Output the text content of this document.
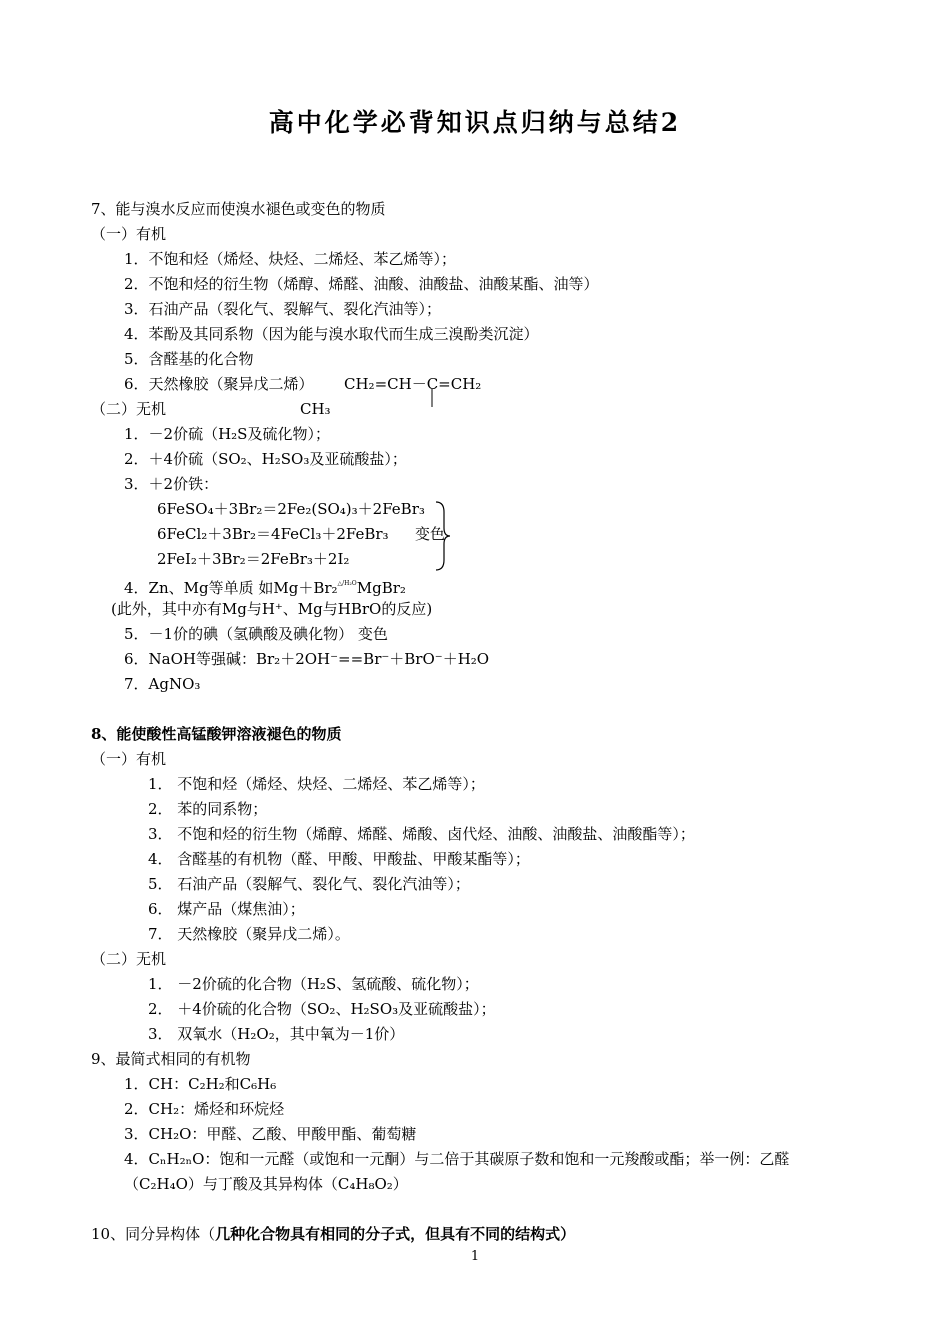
高中化学必背知识点归纳与总结2
7、能与溴水反应而使溴水褪色或变色的物质
（一）有机
1．不饱和烃（烯烃、炔烃、二烯烃、苯乙烯等）；
2．不饱和烃的衍生物（烯醇、烯醛、油酸、油酸盐、油酸某酯、油等）
3．石油产品（裂化气、裂解气、裂化汽油等）；
4．苯酚及其同系物（因为能与溴水取代而生成三溴酚类沉淀）
5．含醛基的化合物
6．天然橡胶（聚异戊二烯） CH₂=CH－C=CH₂
（二）无机	CH₃
1．－2价硫（H₂S及硫化物）；
2．＋4价硫（SO₂、H₂SO₃及亚硫酸盐）；
3．＋2价铁：
6FeSO₄＋3Br₂＝2Fe₂(SO₄)₃＋2FeBr₃
6FeCl₂＋3Br₂＝4FeCl₃＋2FeBr₃
2FeI₂＋3Br₂＝2FeBr₃＋2I₂
变色
4．Zn、Mg等单质 如Mg＋Br₂$^{\triangle/H_2O}$MgBr₂
(此外，其中亦有Mg与H⁺、Mg与HBrO的反应)
5．－1价的碘（氢碘酸及碘化物） 变色
6．NaOH等强碱：Br₂＋2OH⁻==Br⁻＋BrO⁻＋H₂O
7．AgNO₃
8、能使酸性高锰酸钾溶液褪色的物质
（一）有机
1． 不饱和烃（烯烃、炔烃、二烯烃、苯乙烯等）；
2． 苯的同系物；
3． 不饱和烃的衍生物（烯醇、烯醛、烯酸、卤代烃、油酸、油酸盐、油酸酯等）；
4． 含醛基的有机物（醛、甲酸、甲酸盐、甲酸某酯等）；
5． 石油产品（裂解气、裂化气、裂化汽油等）；
6． 煤产品（煤焦油）；
7． 天然橡胶（聚异戊二烯）。
（二）无机
1． －2价硫的化合物（H₂S、氢硫酸、硫化物）；
2． ＋4价硫的化合物（SO₂、H₂SO₃及亚硫酸盐）；
3． 双氧水（H₂O₂，其中氧为－1价）
9、最简式相同的有机物
1．CH：C₂H₂和C₆H₆
2．CH₂：烯烃和环烷烃
3．CH₂O：甲醛、乙酸、甲酸甲酯、葡萄糖
4．CₙH₂ₙO：饱和一元醛（或饱和一元酮）与二倍于其碳原子数和饱和一元羧酸或酯；举一例：乙醛
（C₂H₄O）与丁酸及其异构体（C₄H₈O₂）
10、同分异构体（几种化合物具有相同的分子式，但具有不同的结构式）
1
